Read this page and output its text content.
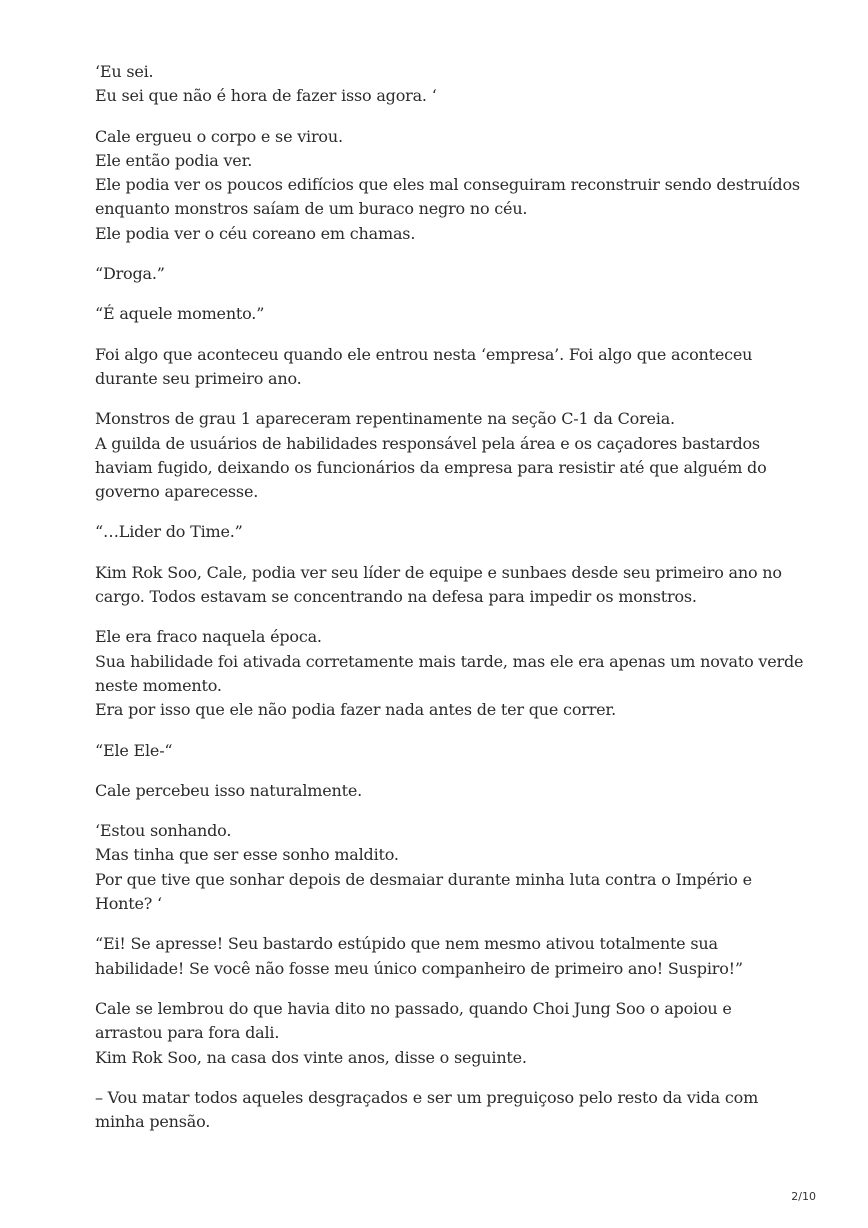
‘Eu sei.
Eu sei que não é hora de fazer isso agora. ‘

Cale ergueu o corpo e se virou.
Ele então podia ver.
Ele podia ver os poucos edifícios que eles mal conseguiram reconstruir sendo destruídos
enquanto monstros saíam de um buraco negro no céu.
Ele podia ver o céu coreano em chamas.

“Droga.”

“É aquele momento.”

Foi algo que aconteceu quando ele entrou nesta ‘empresa’. Foi algo que aconteceu
durante seu primeiro ano.

Monstros de grau 1 apareceram repentinamente na seção C-1 da Coreia.
A guilda de usuários de habilidades responsável pela área e os caçadores bastardos
haviam fugido, deixando os funcionários da empresa para resistir até que alguém do
governo aparecesse.

“…Lider do Time.”

Kim Rok Soo, Cale, podia ver seu líder de equipe e sunbaes desde seu primeiro ano no
cargo. Todos estavam se concentrando na defesa para impedir os monstros.

Ele era fraco naquela época.
Sua habilidade foi ativada corretamente mais tarde, mas ele era apenas um novato verde
neste momento.
Era por isso que ele não podia fazer nada antes de ter que correr.

“Ele Ele-“

Cale percebeu isso naturalmente.

‘Estou sonhando.
Mas tinha que ser esse sonho maldito.
Por que tive que sonhar depois de desmaiar durante minha luta contra o Império e
Honte? ‘

“Ei! Se apresse! Seu bastardo estúpido que nem mesmo ativou totalmente sua
habilidade! Se você não fosse meu único companheiro de primeiro ano! Suspiro!”

Cale se lembrou do que havia dito no passado, quando Choi Jung Soo o apoiou e
arrastou para fora dali.
Kim Rok Soo, na casa dos vinte anos, disse o seguinte.

– Vou matar todos aqueles desgraçados e ser um preguiçoso pelo resto da vida com
minha pensão.

2/10
